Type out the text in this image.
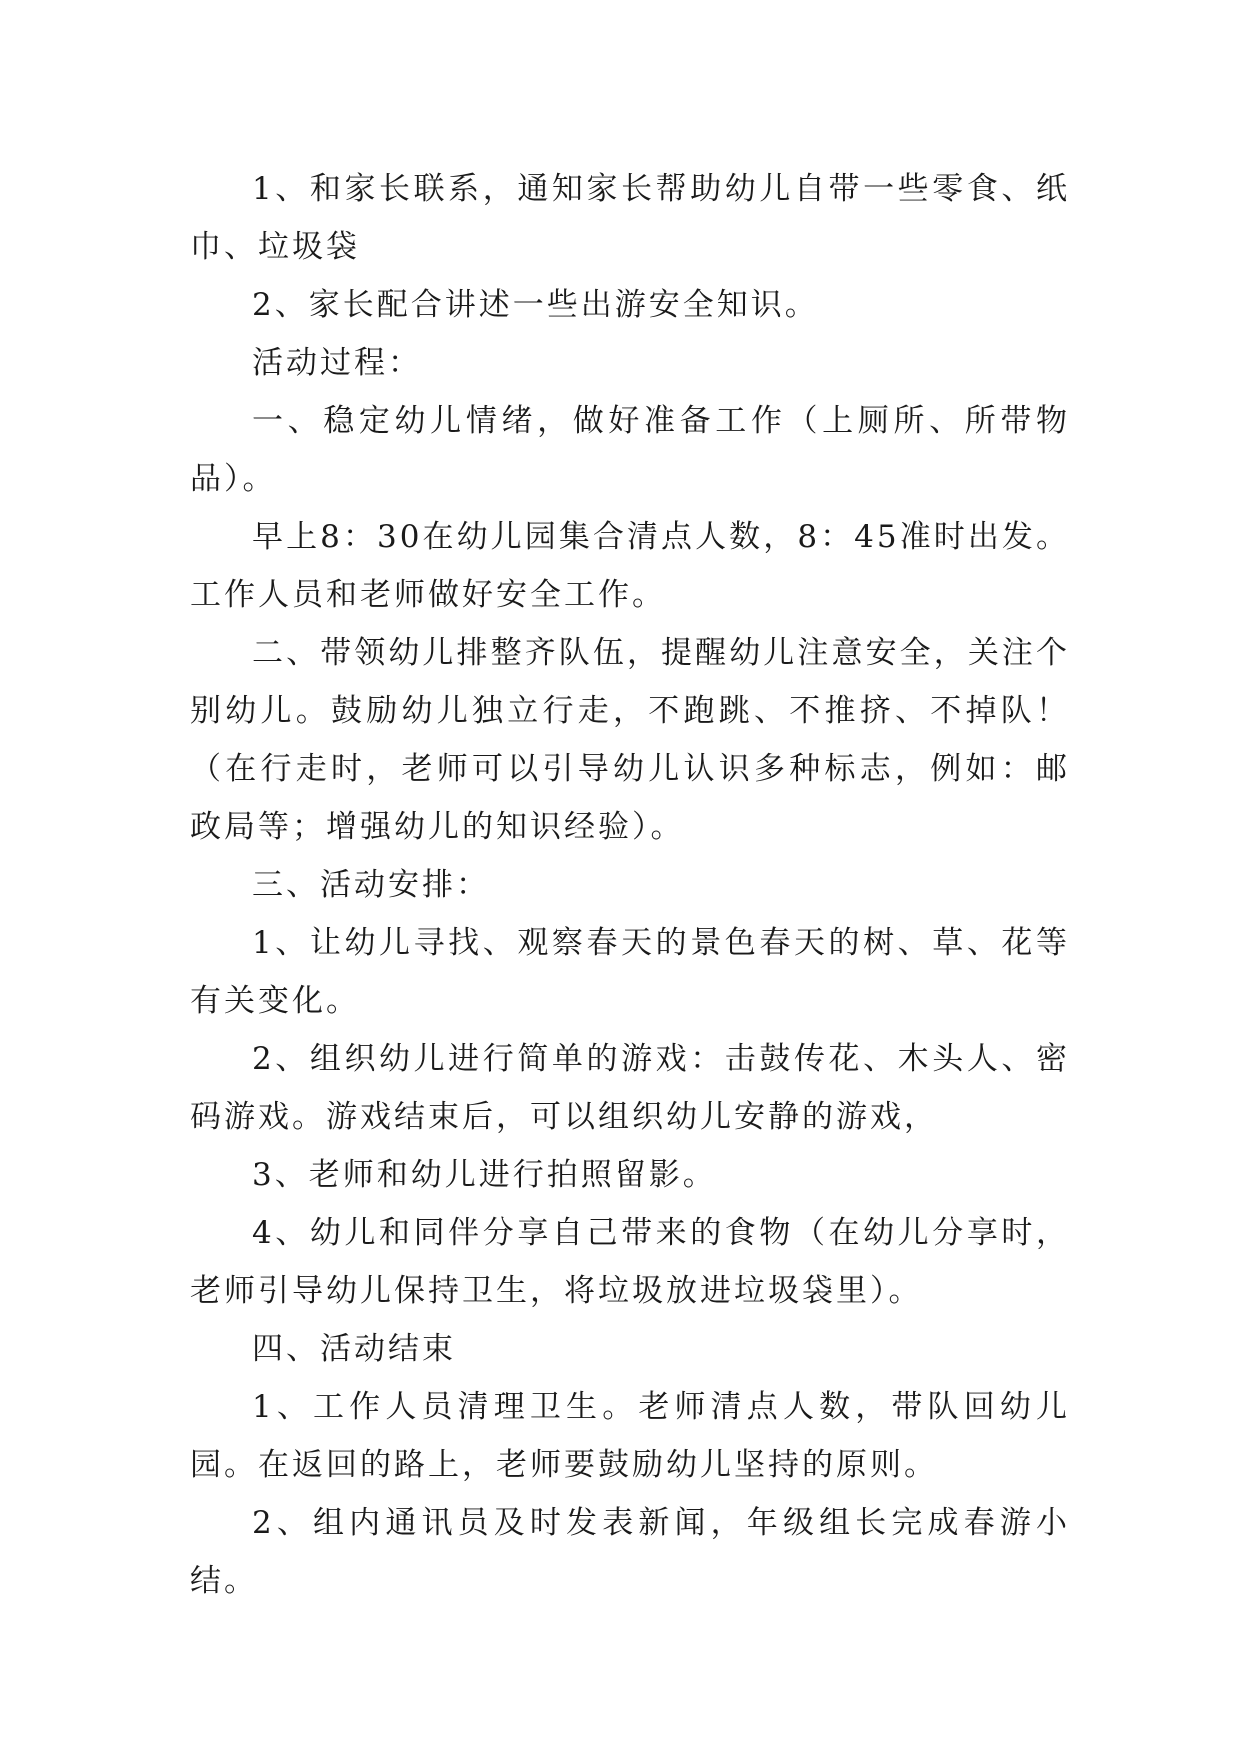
1、和家长联系，通知家长帮助幼儿自带一些零食、纸巾、垃圾袋

2、家长配合讲述一些出游安全知识。

活动过程：

一、稳定幼儿情绪，做好准备工作（上厕所、所带物品）。

早上8：30在幼儿园集合清点人数，8：45准时出发。工作人员和老师做好安全工作。

二、带领幼儿排整齐队伍，提醒幼儿注意安全，关注个别幼儿。鼓励幼儿独立行走，不跑跳、不推挤、不掉队！（在行走时，老师可以引导幼儿认识多种标志，例如：邮政局等；增强幼儿的知识经验）。

三、活动安排：

1、让幼儿寻找、观察春天的景色春天的树、草、花等有关变化。

2、组织幼儿进行简单的游戏：击鼓传花、木头人、密码游戏。游戏结束后，可以组织幼儿安静的游戏，

3、老师和幼儿进行拍照留影。

4、幼儿和同伴分享自己带来的食物（在幼儿分享时，老师引导幼儿保持卫生，将垃圾放进垃圾袋里）。

四、活动结束

1、工作人员清理卫生。老师清点人数，带队回幼儿园。在返回的路上，老师要鼓励幼儿坚持的原则。

2、组内通讯员及时发表新闻，年级组长完成春游小结。
